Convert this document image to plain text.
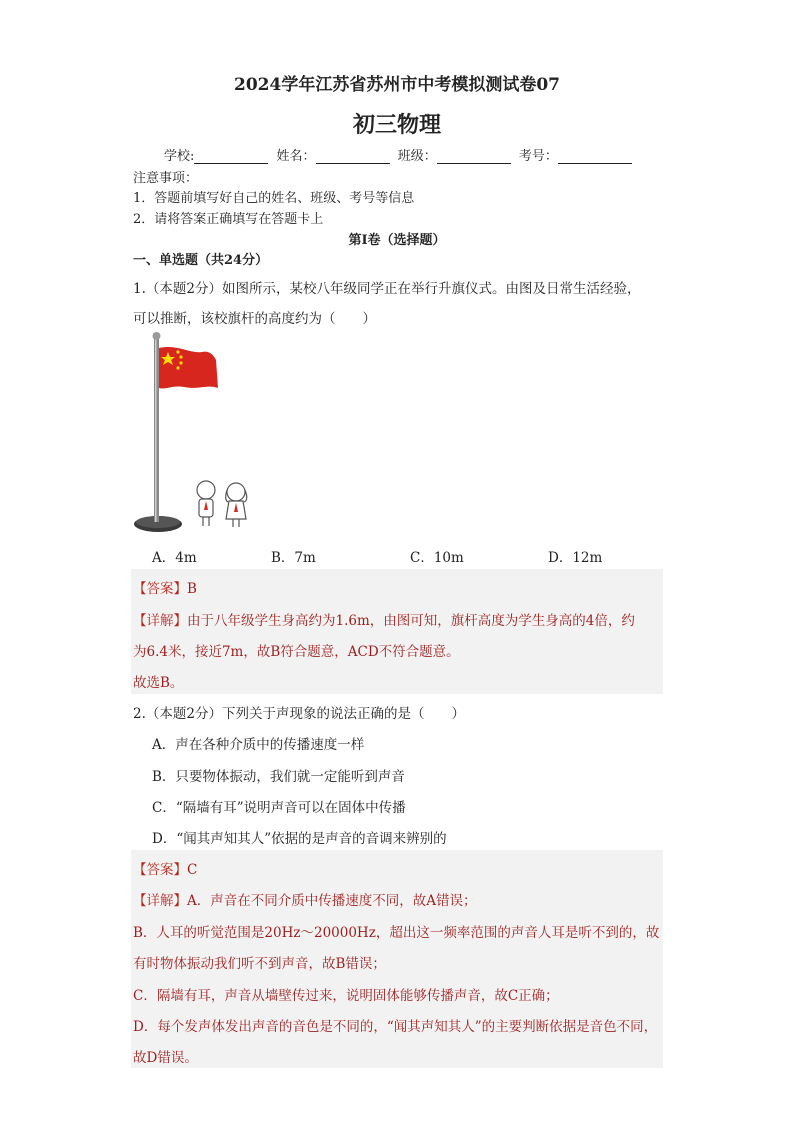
2024学年江苏省苏州市中考模拟测试卷07
初三物理
学校:	姓名：	班级：	考号：
注意事项：
1．答题前填写好自己的姓名、班级、考号等信息
2．请将答案正确填写在答题卡上
第I卷（选择题）
一、单选题（共24分）
1.（本题2分）如图所示，某校八年级同学正在举行升旗仪式。由图及日常生活经验，
可以推断，该校旗杆的高度约为（　　）
A．4m	B．7m	C．10m	D．12m
【答案】B
【详解】由于八年级学生身高约为1.6m，由图可知，旗杆高度为学生身高的4倍，约
为6.4米，接近7m，故B符合题意，ACD不符合题意。
故选B。
2.（本题2分）下列关于声现象的说法正确的是（　　）
A．声在各种介质中的传播速度一样
B．只要物体振动，我们就一定能听到声音
C．“隔墙有耳”说明声音可以在固体中传播
D．“闻其声知其人”依据的是声音的音调来辨别的
【答案】C
【详解】A．声音在不同介质中传播速度不同，故A错误；
B．人耳的听觉范围是20Hz～20000Hz，超出这一频率范围的声音人耳是听不到的，故
有时物体振动我们听不到声音，故B错误；
C．隔墙有耳，声音从墙壁传过来，说明固体能够传播声音，故C正确；
D．每个发声体发出声音的音色是不同的，“闻其声知其人”的主要判断依据是音色不同，
故D错误。
